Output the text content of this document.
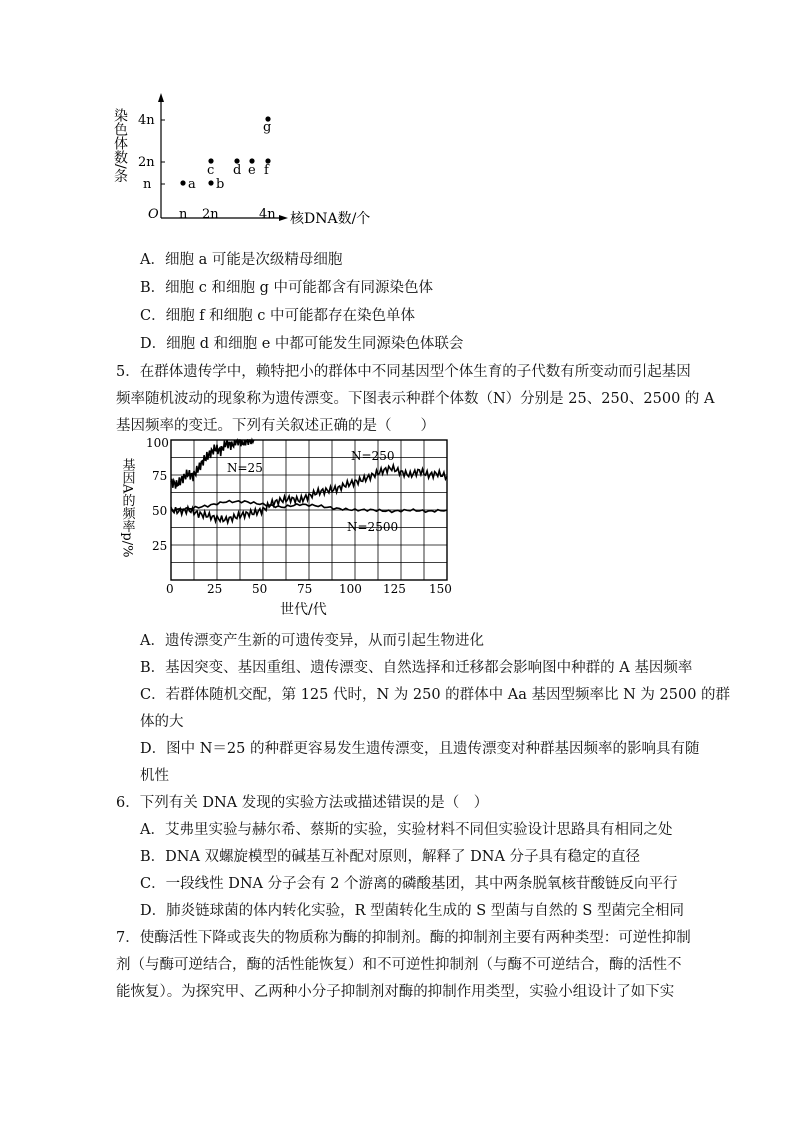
染色体数/条
O
n
2n
4n
n 2n	4n 核DNA数/个
a b
c d e f
g
A．细胞 a 可能是次级精母细胞
B．细胞 c 和细胞 g 中可能都含有同源染色体
C．细胞 f 和细胞 c 中可能都存在染色单体
D．细胞 d 和细胞 e 中都可能发生同源染色体联会
5．在群体遗传学中，赖特把小的群体中不同基因型个体生育的子代数有所变动而引起基因
频率随机波动的现象称为遗传漂变。下图表示种群个体数（N）分别是 25、250、2500 的 A
基因频率的变迁。下列有关叙述正确的是（　　）
基因A的频率p/%
100
75
50
25
0	25 50 75 100 125 150
世代/代
N=25
N=250
N=2500
A．遗传漂变产生新的可遗传变异，从而引起生物进化
B．基因突变、基因重组、遗传漂变、自然选择和迁移都会影响图中种群的 A 基因频率
C．若群体随机交配，第 125 代时，N 为 250 的群体中 Aa 基因型频率比 N 为 2500 的群
体的大
D．图中 N＝25 的种群更容易发生遗传漂变，且遗传漂变对种群基因频率的影响具有随
机性
6．下列有关 DNA 发现的实验方法或描述错误的是（　）
A．艾弗里实验与赫尔希、蔡斯的实验，实验材料不同但实验设计思路具有相同之处
B．DNA 双螺旋模型的碱基互补配对原则，解释了 DNA 分子具有稳定的直径
C．一段线性 DNA 分子会有 2 个游离的磷酸基团，其中两条脱氧核苷酸链反向平行
D．肺炎链球菌的体内转化实验，R 型菌转化生成的 S 型菌与自然的 S 型菌完全相同
7．使酶活性下降或丧失的物质称为酶的抑制剂。酶的抑制剂主要有两种类型：可逆性抑制
剂（与酶可逆结合，酶的活性能恢复）和不可逆性抑制剂（与酶不可逆结合，酶的活性不
能恢复）。为探究甲、乙两种小分子抑制剂对酶的抑制作用类型，实验小组设计了如下实
